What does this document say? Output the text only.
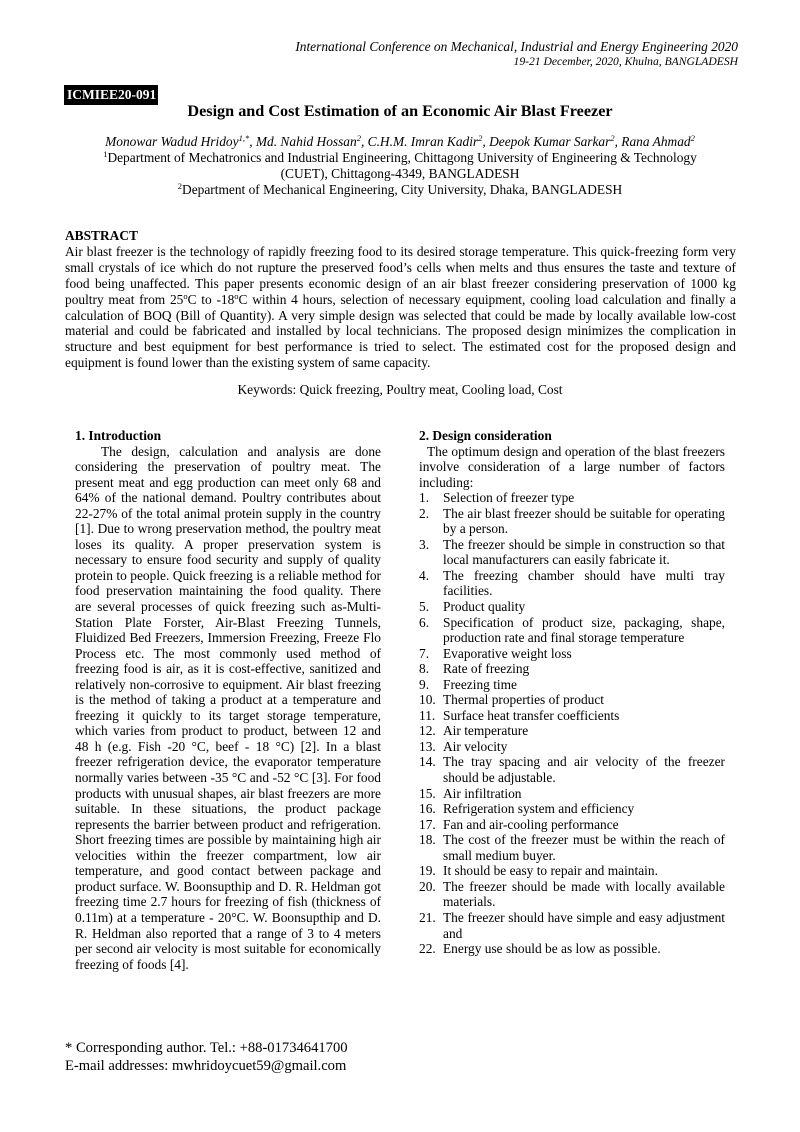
International Conference on Mechanical, Industrial and Energy Engineering 2020
19-21 December, 2020, Khulna, BANGLADESH
ICMIEE20-091
Design and Cost Estimation of an Economic Air Blast Freezer
Monowar Wadud Hridoy$^{1,*}$, Md. Nahid Hossan$^2$, C.H.M. Imran Kadir$^2$, Deepok Kumar Sarkar$^2$, Rana Ahmad$^2$

$^1$Department of Mechatronics and Industrial Engineering, Chittagong University of Engineering & Technology (CUET), Chittagong-4349, BANGLADESH

$^2$Department of Mechanical Engineering, City University, Dhaka, BANGLADESH

ABSTRACT

Air blast freezer is the technology of rapidly freezing food to its desired storage temperature. This quick-freezing form very small crystals of ice which do not rupture the preserved food’s cells when melts and thus ensures the taste and texture of food being unaffected. This paper presents economic design of an air blast freezer considering preservation of 1000 kg poultry meat from 25$^o$C to -18$^o$C within 4 hours, selection of necessary equipment, cooling load calculation and finally a calculation of BOQ (Bill of Quantity). A very simple design was selected that could be made by locally available low-cost material and could be fabricated and installed by local technicians. The proposed design minimizes the complication in structure and best equipment for best performance is tried to select. The estimated cost for the proposed design and equipment is found lower than the existing system of same capacity.

Keywords: Quick freezing, Poultry meat, Cooling load, Cost
1. Introduction

The design, calculation and analysis are done considering the preservation of poultry meat. The present meat and egg production can meet only 68 and 64% of the national demand. Poultry contributes about 22-27% of the total animal protein supply in the country [1]. Due to wrong preservation method, the poultry meat loses its quality. A proper preservation system is necessary to ensure food security and supply of quality protein to people. Quick freezing is a reliable method for food preservation maintaining the food quality. There are several processes of quick freezing such as-Multi-Station Plate Forster, Air-Blast Freezing Tunnels, Fluidized Bed Freezers, Immersion Freezing, Freeze Flo Process etc. The most commonly used method of freezing food is air, as it is cost-effective, sanitized and relatively non-corrosive to equipment. Air blast freezing is the method of taking a product at a temperature and freezing it quickly to its target storage temperature, which varies from product to product, between 12 and 48 h (e.g. Fish -20 °C, beef - 18 °C) [2]. In a blast freezer refrigeration device, the evaporator temperature normally varies between -35 °C and -52 °C [3]. For food products with unusual shapes, air blast freezers are more suitable. In these situations, the product package represents the barrier between product and refrigeration. Short freezing times are possible by maintaining high air velocities within the freezer compartment, low air temperature, and good contact between package and product surface. W. Boonsupthip and D. R. Heldman got freezing time 2.7 hours for freezing of fish (thickness of 0.11m) at a temperature - 20°C. W. Boonsupthip and D. R. Heldman also reported that a range of 3 to 4 meters per second air velocity is most suitable for economically freezing of foods [4].

2. Design consideration

The optimum design and operation of the blast freezers involve consideration of a large number of factors including:

1.	Selection of freezer type
2.	The air blast freezer should be suitable for operating by a person.
3.	The freezer should be simple in construction so that local manufacturers can easily fabricate it.
4.	The freezing chamber should have multi tray facilities.
5.	Product quality
6.	Specification of product size, packaging, shape, production rate and final storage temperature
7.	Evaporative weight loss
8.	Rate of freezing
9.	Freezing time
10. Thermal properties of product
11. Surface heat transfer coefficients
12. Air temperature
13. Air velocity
14. The tray spacing and air velocity of the freezer should be adjustable.
15. Air infiltration
16. Refrigeration system and efficiency
17. Fan and air-cooling performance
18. The cost of the freezer must be within the reach of small medium buyer.
19. It should be easy to repair and maintain.
20. The freezer should be made with locally available materials.
21. The freezer should have simple and easy adjustment and
22. Energy use should be as low as possible.

* Corresponding author. Tel.: +88-01734641700

E-mail addresses: mwhridoycuet59@gmail.com
